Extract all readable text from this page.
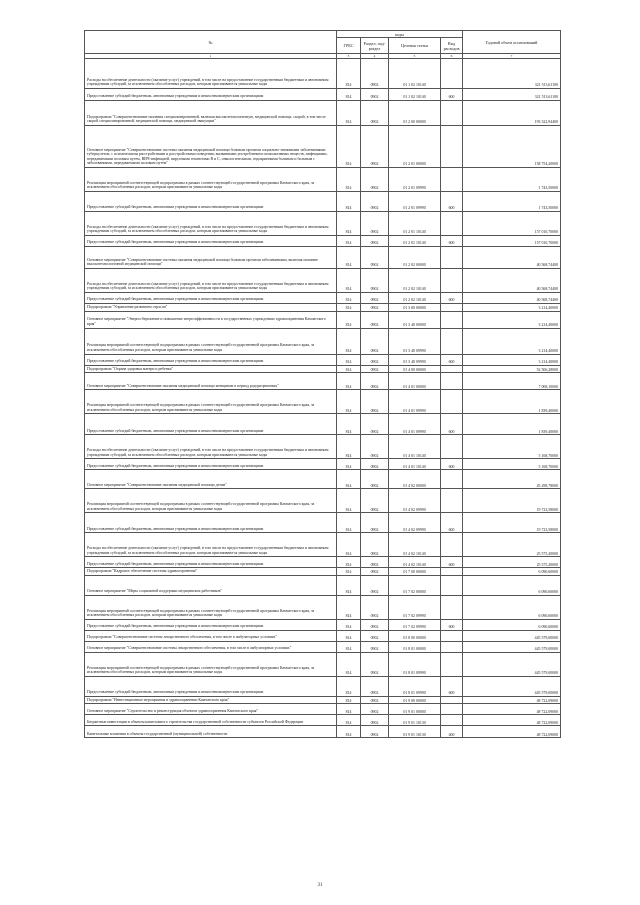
№	коды				Годовой объем ассигнований
	ГРБС	Раздел, под-раздел	Целевая статья	Вид расходов	
1	3	4	5	6	7
Расходы на обеспечение деятельности (оказание услуг) учреждений, в том числе на предоставление государственным бюджетным и автономным учреждениям субсидий, за исключением обособленных расходов, которым присваиваются уникальные коды	814	0902	01 1 02 10140		321 513,61100
Предоставление субсидий бюджетным, автономным учреждениям и иным некоммерческим организациям	814	0902	01 1 02 10140	600	321 513,61100
Подпрограмма "Совершенствование оказания специализированной, включая высокотехнологичную, медицинской помощи, скорой, в том числе скорой специализированной, медицинской помощи, медицинской эвакуации"	814	0902	01 2 00 00000		193 322,94400
Основное мероприятие "Совершенствование системы оказания медицинской помощи больным прочими социально-значимыми заболеваниями: туберкулезом, с психическими расстройствами и расстройствами поведения, вызванными употреблением психоактивных веществ, инфекциями, передаваемыми половым путем, ВИЧ-инфекцией, вирусными гепатитами В и С, онкологическими, эндокринными больным и больным с заболеваниями, передаваемыми половым путем"	814	0902	01 2 01 00000		158 754,20000
Реализация мероприятий соответствующей подпрограммы в рамках соответствующей государственной программы Камчатского края, за исключением обособленных расходов, которым присваиваются уникальные коды	814	0902	01 2 01 09990		1 743,50000
Предоставление субсидий бюджетным, автономным учреждениям и иным некоммерческим организациям	814	0902	01 2 01 09990	600	1 743,50000
Расходы на обеспечение деятельности (оказание услуг) учреждений, в том числе на предоставление государственным бюджетным и автономным учреждениям субсидий, за исключением обособленных расходов, которым присваиваются уникальные коды	814	0902	01 2 01 10140		157 010,70000
Предоставление субсидий бюджетным, автономным учреждениям и иным некоммерческим организациям	814	0902	01 2 01 10140	600	157 010,70000
Основное мероприятие "Совершенствование системы оказания медицинской помощи больным прочими заболеваниями, включая оказание высокотехнологичной медицинской помощи"	814	0902	01 2 02 00000		40 568,74400
Расходы на обеспечение деятельности (оказание услуг) учреждений, в том числе на предоставление государственным бюджетным и автономным учреждениям субсидий, за исключением обособленных расходов, которым присваиваются уникальные коды	814	0902	01 2 02 10140		40 568,74400
Предоставление субсидий бюджетным, автономным учреждениям и иным некоммерческим организациям	814	0902	01 2 02 10140	600	40 568,74400
Подпрограмма "Управление развитием отрасли"	814	0902	01 3 00 00000		3 214,40000
Основное мероприятие "Энергосбережение и повышение энергоэффективности в государственных учреждениях здравоохранения Камчатского края"	814	0902	01 3 40 00000		3 214,40000
Реализация мероприятий соответствующей подпрограммы в рамках соответствующей государственной программы Камчатского края, за исключением обособленных расходов, которым присваиваются уникальные коды	814	0902	01 3 40 09990		3 214,40000
Предоставление субсидий бюджетным, автономным учреждениям и иным некоммерческим организациям	814	0902	01 3 40 09990	600	3 214,40000
Подпрограмма "Охрана здоровья матери и ребенка"	814	0902	01 4 00 00000		52 506,28000
Основное мероприятие "Совершенствование оказания медицинской помощи женщинам в период родоразрешения"	814	0902	01 4 01 00000		7 008,10000
Реализация мероприятий соответствующей подпрограммы в рамках соответствующей государственной программы Камчатского края, за исключением обособленных расходов, которым присваиваются уникальные коды	814	0902	01 4 01 09990		1 839,40000
Предоставление субсидий бюджетным, автономным учреждениям и иным некоммерческим организациям	814	0902	01 4 01 09990	600	1 839,40000
Расходы на обеспечение деятельности (оказание услуг) учреждений, в том числе на предоставление государственным бюджетным и автономным учреждениям субсидий, за исключением обособленных расходов, которым присваиваются уникальные коды	814	0902	01 4 01 10140		5 168,70000
Предоставление субсидий бюджетным, автономным учреждениям и иным некоммерческим организациям	814	0902	01 4 01 10140	600	5 168,70000
Основное мероприятие "Совершенствование оказания медицинской помощи детям"	814	0902	01 4 02 00000		45 298,78000
Реализация мероприятий соответствующей подпрограммы в рамках соответствующей государственной программы Камчатского края, за исключением обособленных расходов, которым присваиваются уникальные коды	814	0902	01 4 02 09990		19 723,58000
Предоставление субсидий бюджетным, автономным учреждениям и иным некоммерческим организациям	814	0902	01 4 02 09990	600	19 723,58000
Расходы на обеспечение деятельности (оказание услуг) учреждений, в том числе на предоставление государственным бюджетным и автономным учреждениям субсидий, за исключением обособленных расходов, которым присваиваются уникальные коды	814	0902	01 4 02 10140		25 575,20000
Предоставление субсидий бюджетным, автономным учреждениям и иным некоммерческим организациям	814	0902	01 4 02 10140	600	25 575,20000
Подпрограмма "Кадровое обеспечение системы здравоохранения"	814	0902	01 7 00 00000		6 090,60000
Основное мероприятие "Меры социальной поддержки медицинских работников"	814	0902	01 7 02 00000		6 090,60000
Реализация мероприятий соответствующей подпрограммы в рамках соответствующей государственной программы Камчатского края, за исключением обособленных расходов, которым присваиваются уникальные коды	814	0902	01 7 02 09990		6 090,60000
Предоставление субсидий бюджетным, автономным учреждениям и иным некоммерческим организациям	814	0902	01 7 02 09990	600	6 090,60000
Подпрограмма "Совершенствование системы лекарственного обеспечения, в том числе в амбулаторных условиях"	814	0902	01 8 00 00000		445 579,00000
Основное мероприятие "Совершенствование системы лекарственного обеспечения, в том числе в амбулаторных условиях"	814	0902	01 8 01 00000		445 579,00000
Реализация мероприятий соответствующей подпрограммы в рамках соответствующей государственной программы Камчатского края, за исключением обособленных расходов, которым присваиваются уникальные коды	814	0902	01 8 01 09990		445 579,00000
Предоставление субсидий бюджетным, автономным учреждениям и иным некоммерческим организациям	814	0902	01 8 01 09990	600	445 579,00000
Подпрограмма "Инвестиционные мероприятия в здравоохранении Камчатского края"	814	0902	01 9 00 00000		48 722,09000
Основное мероприятие "Строительство и реконструкция объектов здравоохранения Камчатского края"	814	0902	01 9 01 00000		48 722,09000
Бюджетные инвестиции в объекты капитального строительства государственной собственности субъектов Российской Федерации	814	0902	01 9 01 10130		48 722,09000
Капитальные вложения в объекты государственной (муниципальной) собственности	814	0902	01 9 01 10130	400	48 722,09000
31
